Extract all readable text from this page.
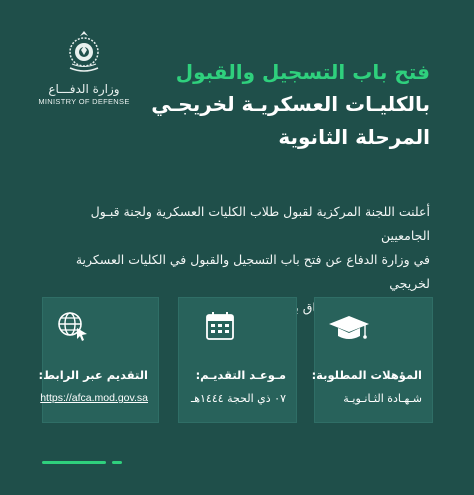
وزارة الدفـــاع
MINISTRY OF DEFENSE
فتح باب التسجيل والقبول
بالكليـات العسكريـة لخريجـي
المرحلة الثانوية
أعلنت اللجنة المركزية لقبول طلاب الكليات العسكرية ولجنة قبـول الجامعيين
في وزارة الدفاع عن فتح باب التسجيل والقبول في الكليات العسكرية لخريجي
التقديم عبر الرابط:
https://afca.mod.gov.sa
مـوعـد التقديـم:
٠٧ ذي الحجة ١٤٤٤هـ
المؤهلات المطلوبة:
شـهـادة الثـانـويـة
